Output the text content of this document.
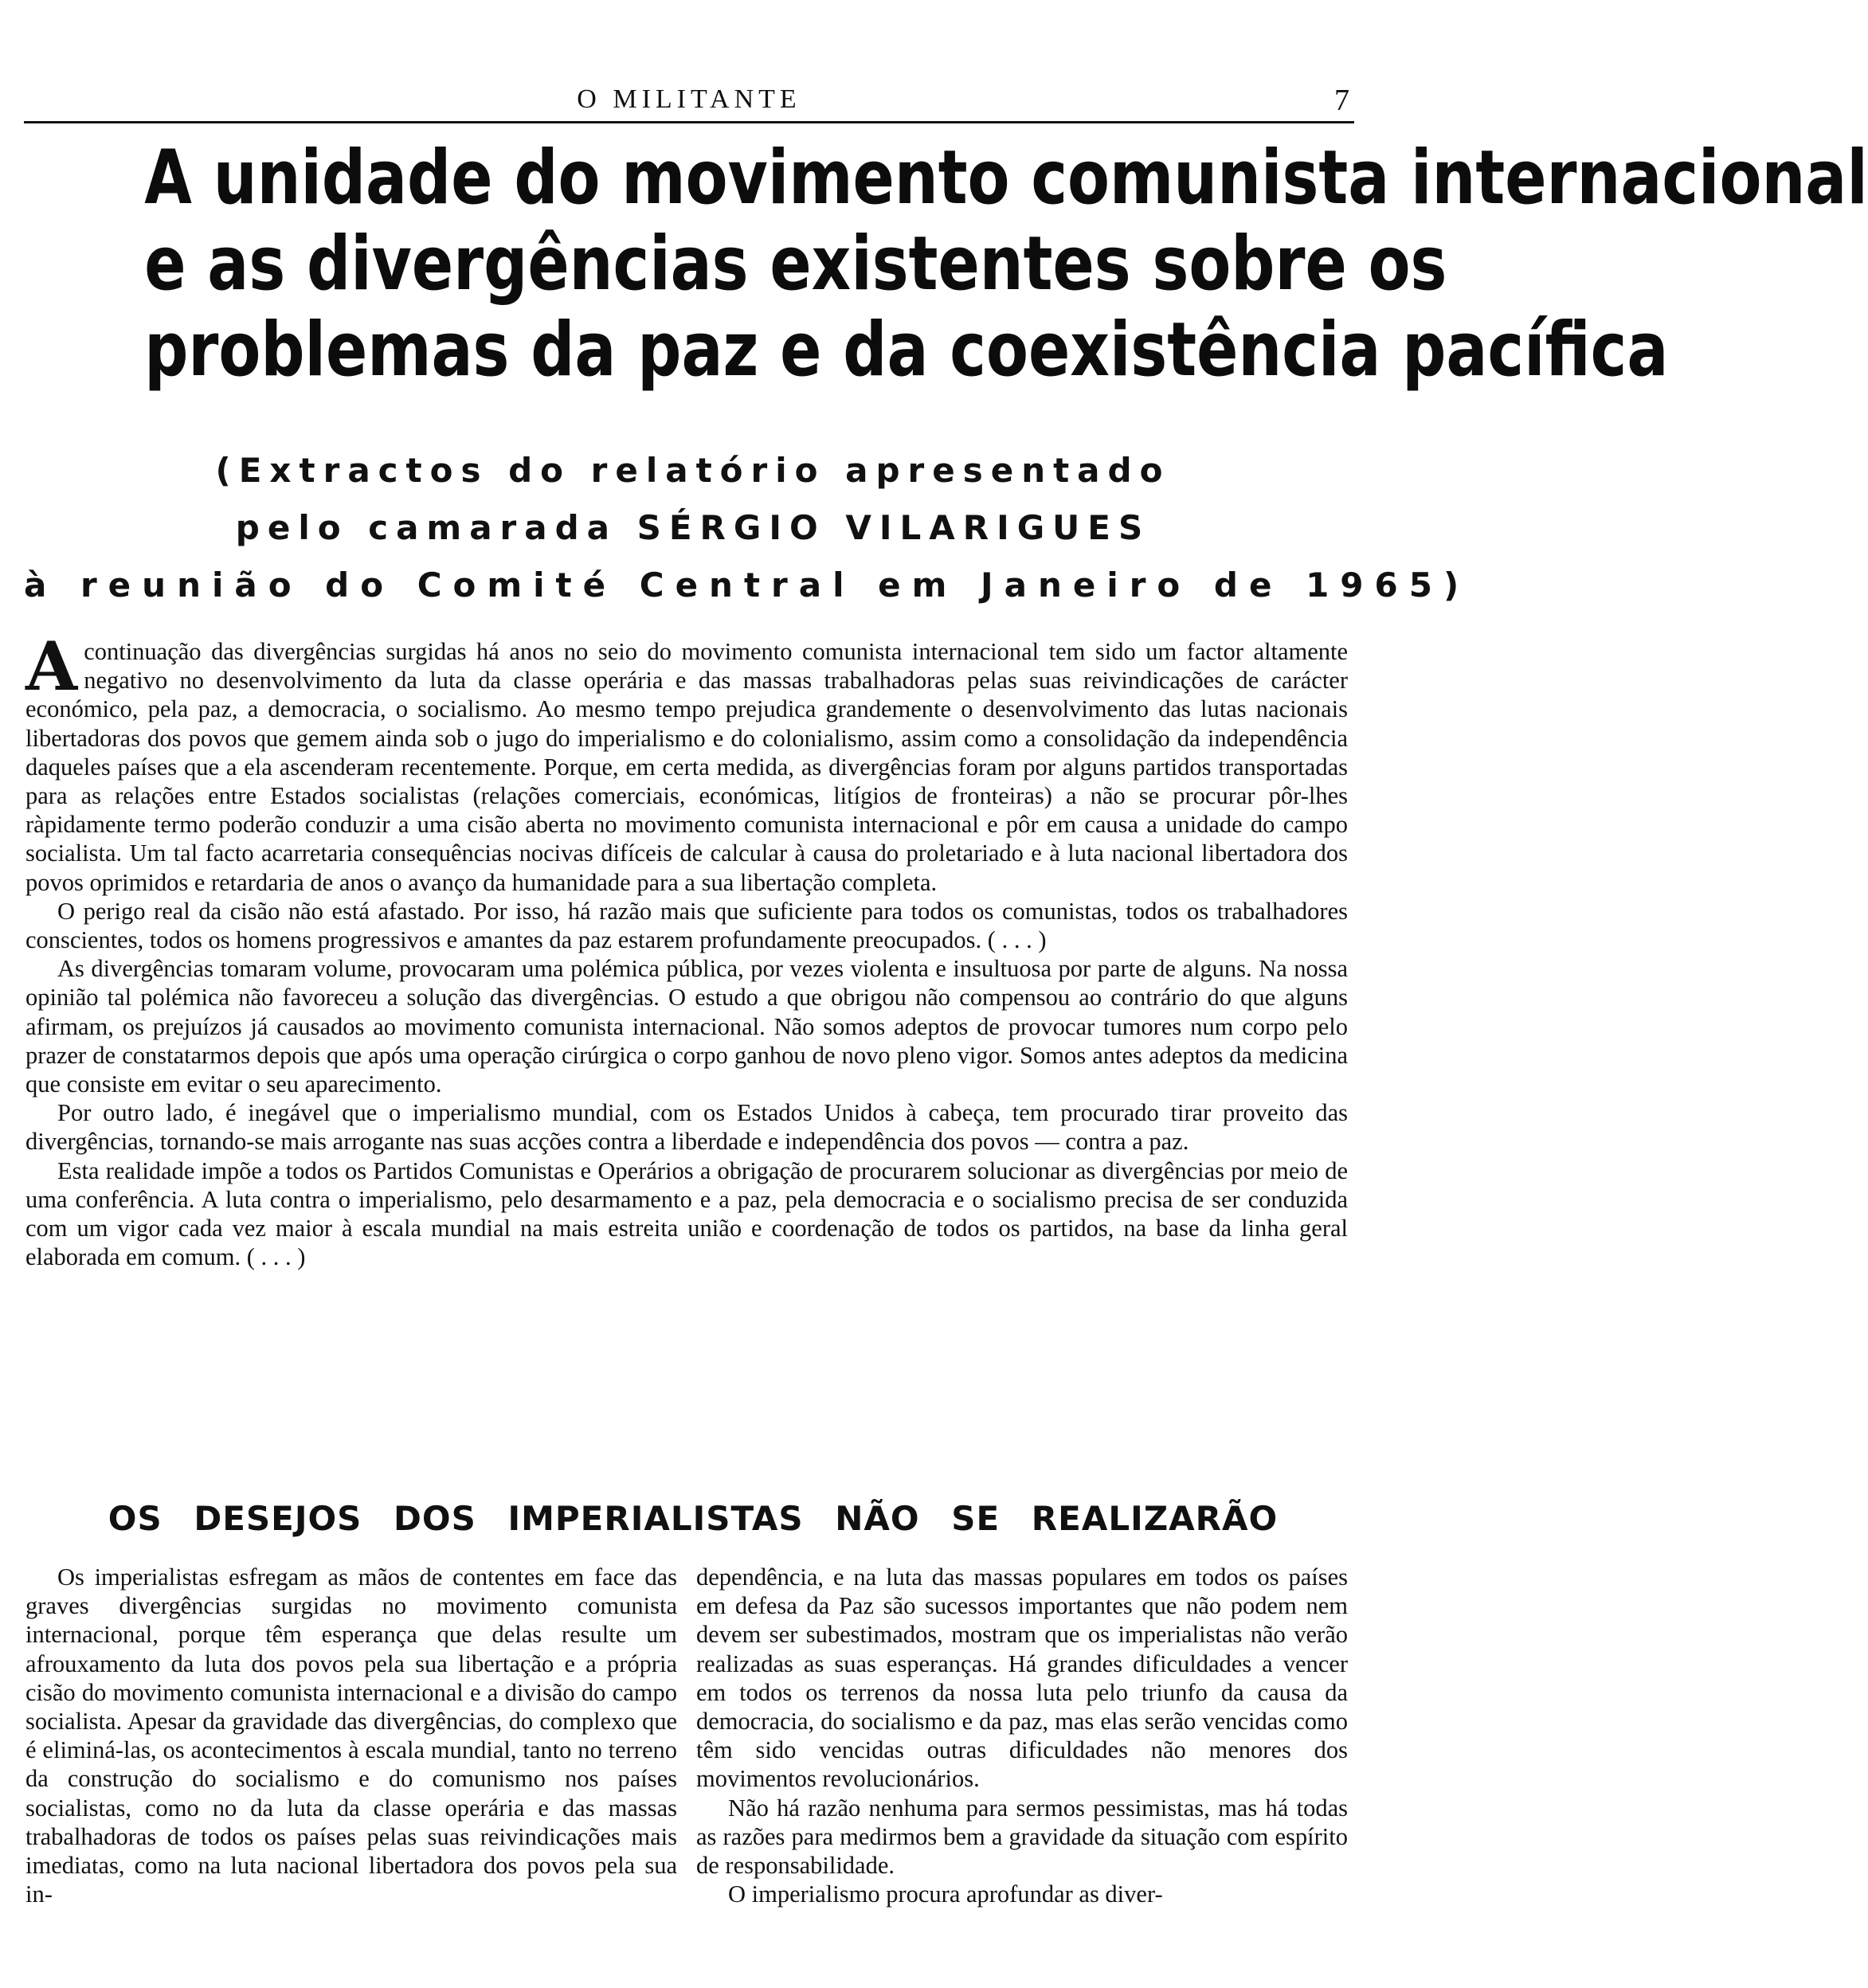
O MILITANTE	7
A unidade do movimento comunista internacional
e as divergências existentes sobre os
problemas da paz e da coexistência pacífica
(Extractos do relatório apresentado
pelo camarada SÉRGIO VILARIGUES
à reunião do Comité Central em Janeiro de 1965)

A continuação das divergências surgidas há anos no seio do movimento comunista internacional tem sido um factor altamente negativo no desenvolvimento da luta da classe operária e das massas trabalhadoras pelas suas reivindicações de carácter económico, pela paz, a democracia, o socialismo. Ao mesmo tempo prejudica grandemente o desenvolvimento das lutas nacionais libertadoras dos povos que gemem ainda sob o jugo do imperialismo e do colonialismo, assim como a consolidação da independência daqueles países que a ela ascenderam recentemente. Porque, em certa medida, as divergências foram por alguns partidos transportadas para as relações entre Estados socialistas (relações comerciais, económicas, litígios de fronteiras) a não se procurar pôr-lhes ràpidamente termo poderão conduzir a uma cisão aberta no movimento comunista internacional e pôr em causa a unidade do campo socialista. Um tal facto acarretaria consequências nocivas difíceis de calcular à causa do proletariado e à luta nacional libertadora dos povos oprimidos e retardaria de anos o avanço da humanidade para a sua libertação completa.

O perigo real da cisão não está afastado. Por isso, há razão mais que suficiente para todos os comunistas, todos os trabalhadores conscientes, todos os homens progressivos e amantes da paz estarem profundamente preocupados. ( . . . )

As divergências tomaram volume, provocaram uma polémica pública, por vezes violenta e insultuosa por parte de alguns. Na nossa opinião tal polémica não favoreceu a solução das divergências. O estudo a que obrigou não compensou ao contrário do que alguns afirmam, os prejuízos já causados ao movimento comunista internacional. Não somos adeptos de provocar tumores num corpo pelo prazer de constatarmos depois que após uma operação cirúrgica o corpo ganhou de novo pleno vigor. Somos antes adeptos da medicina que consiste em evitar o seu aparecimento.

Por outro lado, é inegável que o imperialismo mundial, com os Estados Unidos à cabeça, tem procurado tirar proveito das divergências, tornando-se mais arrogante nas suas acções contra a liberdade e independência dos povos — contra a paz.

Esta realidade impõe a todos os Partidos Comunistas e Operários a obrigação de procurarem solucionar as divergências por meio de uma conferência. A luta contra o imperialismo, pelo desarmamento e a paz, pela democracia e o socialismo precisa de ser conduzida com um vigor cada vez maior à escala mundial na mais estreita união e coordenação de todos os partidos, na base da linha geral elaborada em comum. ( . . . )

OS DESEJOS DOS IMPERIALISTAS NÃO SE REALIZARÃO

Os imperialistas esfregam as mãos de contentes em face das graves divergências surgidas no movimento comunista internacional, porque têm esperança que delas resulte um afrouxamento da luta dos povos pela sua libertação e a própria cisão do movimento comunista internacional e a divisão do campo socialista. Apesar da gravidade das divergências, do complexo que é eliminá-las, os acontecimentos à escala mundial, tanto no terreno da construção do socialismo e do comunismo nos países socialistas, como no da luta da classe operária e das massas trabalhadoras de todos os países pelas suas reivindicações mais imediatas, como na luta nacional libertadora dos povos pela sua in-

dependência, e na luta das massas populares em todos os países em defesa da Paz são sucessos importantes que não podem nem devem ser subestimados, mostram que os imperialistas não verão realizadas as suas esperanças. Há grandes dificuldades a vencer em todos os terrenos da nossa luta pelo triunfo da causa da democracia, do socialismo e da paz, mas elas serão vencidas como têm sido vencidas outras dificuldades não menores dos movimentos revolucionários.

Não há razão nenhuma para sermos pessimistas, mas há todas as razões para medirmos bem a gravidade da situação com espírito de responsabilidade.

O imperialismo procura aprofundar as diver-
